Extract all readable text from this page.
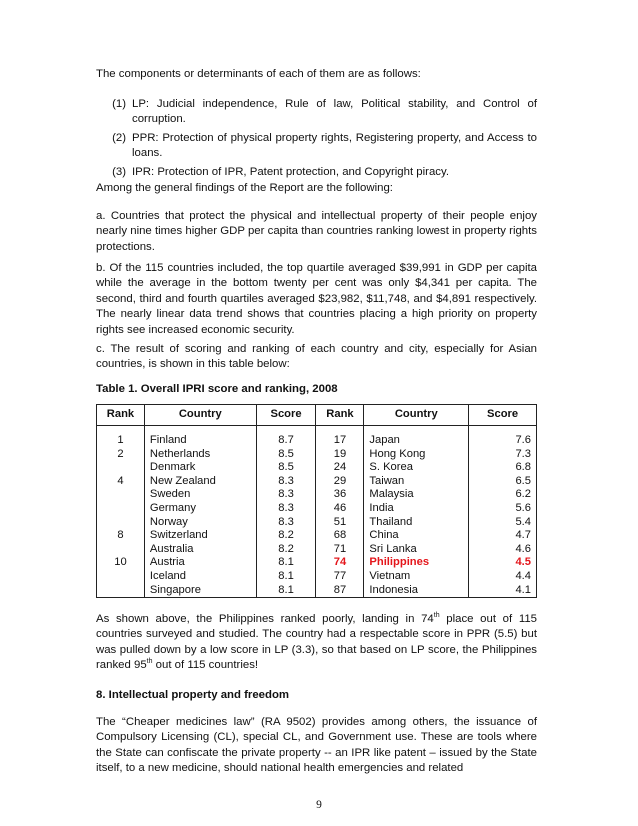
The components or determinants of each of them are as follows:

(1) LP: Judicial independence, Rule of law, Political stability, and Control of corruption.
(2) PPR: Protection of physical property rights, Registering property, and Access to loans.
(3) IPR: Protection of IPR, Patent protection, and Copyright piracy.

Among the general findings of the Report are the following:

a. Countries that protect the physical and intellectual property of their people enjoy nearly nine times higher GDP per capita than countries ranking lowest in property rights protections.

b. Of the 115 countries included, the top quartile averaged $39,991 in GDP per capita while the average in the bottom twenty per cent was only $4,341 per capita. The second, third and fourth quartiles averaged $23,982, $11,748, and $4,891 respectively. The nearly linear data trend shows that countries placing a high priority on property rights see increased economic security.

c. The result of scoring and ranking of each country and city, especially for Asian countries, is shown in this table below:

Table 1. Overall IPRI score and ranking, 2008

Rank	Country	Score	Rank	Country	Score

1	Finland	8.7	17	Japan	7.6
2	Netherlands	8.5	19	Hong Kong	7.3
	Denmark	8.5	24	S. Korea	6.8
4	New Zealand	8.3	29	Taiwan	6.5
	Sweden	8.3	36	Malaysia	6.2
	Germany	8.3	46	India	5.6
	Norway	8.3	51	Thailand	5.4
8	Switzerland	8.2	68	China	4.7
	Australia	8.2	71	Sri Lanka	4.6
10	Austria	8.1	74	Philippines	4.5
	Iceland	8.1	77	Vietnam	4.4
	Singapore	8.1	87	Indonesia	4.1

As shown above, the Philippines ranked poorly, landing in 74th place out of 115 countries surveyed and studied. The country had a respectable score in PPR (5.5) but was pulled down by a low score in LP (3.3), so that based on LP score, the Philippines ranked 95th out of 115 countries!

8. Intellectual property and freedom

The “Cheaper medicines law” (RA 9502) provides among others, the issuance of Compulsory Licensing (CL), special CL, and Government use. These are tools where the State can confiscate the private property -- an IPR like patent – issued by the State itself, to a new medicine, should national health emergencies and related

9
